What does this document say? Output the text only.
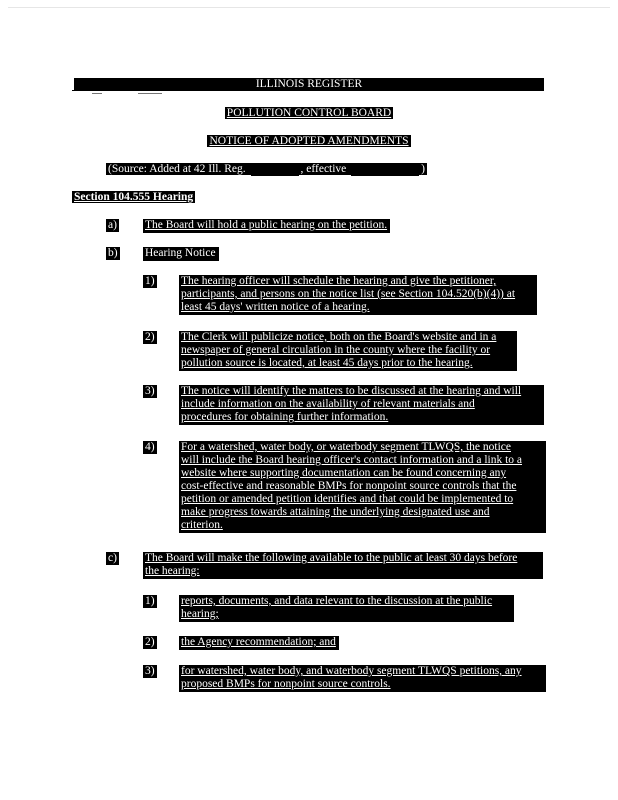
ILLINOIS REGISTER
POLLUTION CONTROL BOARD
NOTICE OF ADOPTED AMENDMENTS
(Source: Added at 42 Ill. Reg.	, effective	)
Section 104.555 Hearing
a) The Board will hold a public hearing on the petition.
b) Hearing Notice
1) The hearing officer will schedule the hearing and give the petitioner,
participants, and persons on the notice list (see Section 104.520(b)(4)) at
least 45 days' written notice of a hearing.
2) The Clerk will publicize notice, both on the Board's website and in a
newspaper of general circulation in the county where the facility or
pollution source is located, at least 45 days prior to the hearing.
3) The notice will identify the matters to be discussed at the hearing and will
include information on the availability of relevant materials and
procedures for obtaining further information.
4) For a watershed, water body, or waterbody segment TLWQS, the notice
will include the Board hearing officer's contact information and a link to a
website where supporting documentation can be found concerning any
cost-effective and reasonable BMPs for nonpoint source controls that the
petition or amended petition identifies and that could be implemented to
make progress towards attaining the underlying designated use and
criterion.
c) The Board will make the following available to the public at least 30 days before
the hearing:
1) reports, documents, and data relevant to the discussion at the public
hearing;
2) the Agency recommendation; and
3) for watershed, water body, and waterbody segment TLWQS petitions, any
proposed BMPs for nonpoint source controls.
